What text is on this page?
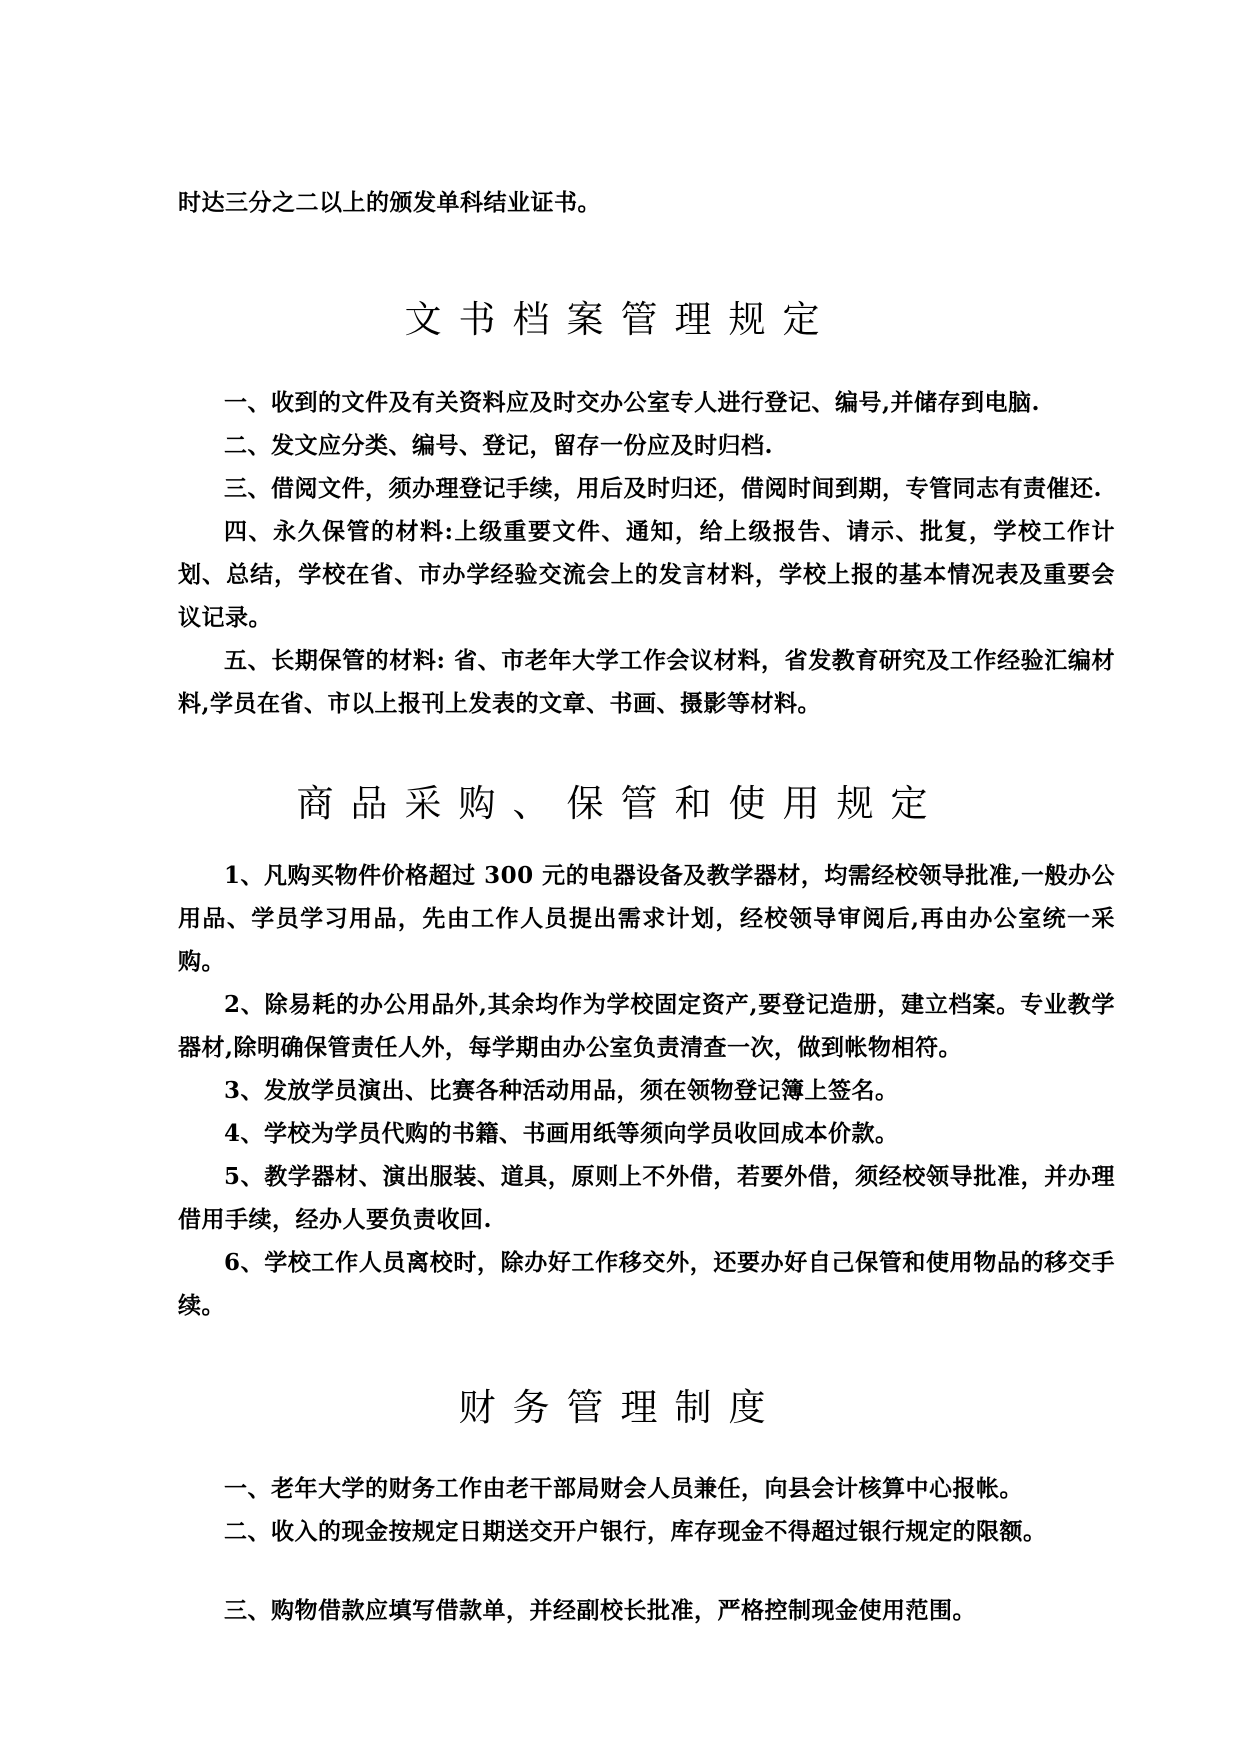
时达三分之二以上的颁发单科结业证书。

文书档案管理规定

一、收到的文件及有关资料应及时交办公室专人进行登记、编号,并储存到电脑.

二、发文应分类、编号、登记，留存一份应及时归档.

三、借阅文件，须办理登记手续，用后及时归还，借阅时间到期，专管同志有责催还.

四、永久保管的材料:上级重要文件、通知，给上级报告、请示、批复，学校工作计划、总结，学校在省、市办学经验交流会上的发言材料，学校上报的基本情况表及重要会议记录。

五、长期保管的材料: 省、市老年大学工作会议材料，省发教育研究及工作经验汇编材料,学员在省、市以上报刊上发表的文章、书画、摄影等材料。

商品采购、保管和使用规定

1、凡购买物件价格超过 300 元的电器设备及教学器材，均需经校领导批准,一般办公用品、学员学习用品，先由工作人员提出需求计划，经校领导审阅后,再由办公室统一采购。

2、除易耗的办公用品外,其余均作为学校固定资产,要登记造册，建立档案。专业教学器材,除明确保管责任人外，每学期由办公室负责清查一次，做到帐物相符。

3、发放学员演出、比赛各种活动用品，须在领物登记簿上签名。

4、学校为学员代购的书籍、书画用纸等须向学员收回成本价款。

5、教学器材、演出服装、道具，原则上不外借，若要外借，须经校领导批准，并办理借用手续，经办人要负责收回.

6、学校工作人员离校时，除办好工作移交外，还要办好自己保管和使用物品的移交手续。

财务管理制度

一、老年大学的财务工作由老干部局财会人员兼任，向县会计核算中心报帐。

二、收入的现金按规定日期送交开户银行，库存现金不得超过银行规定的限额。

三、购物借款应填写借款单，并经副校长批准，严格控制现金使用范围。
